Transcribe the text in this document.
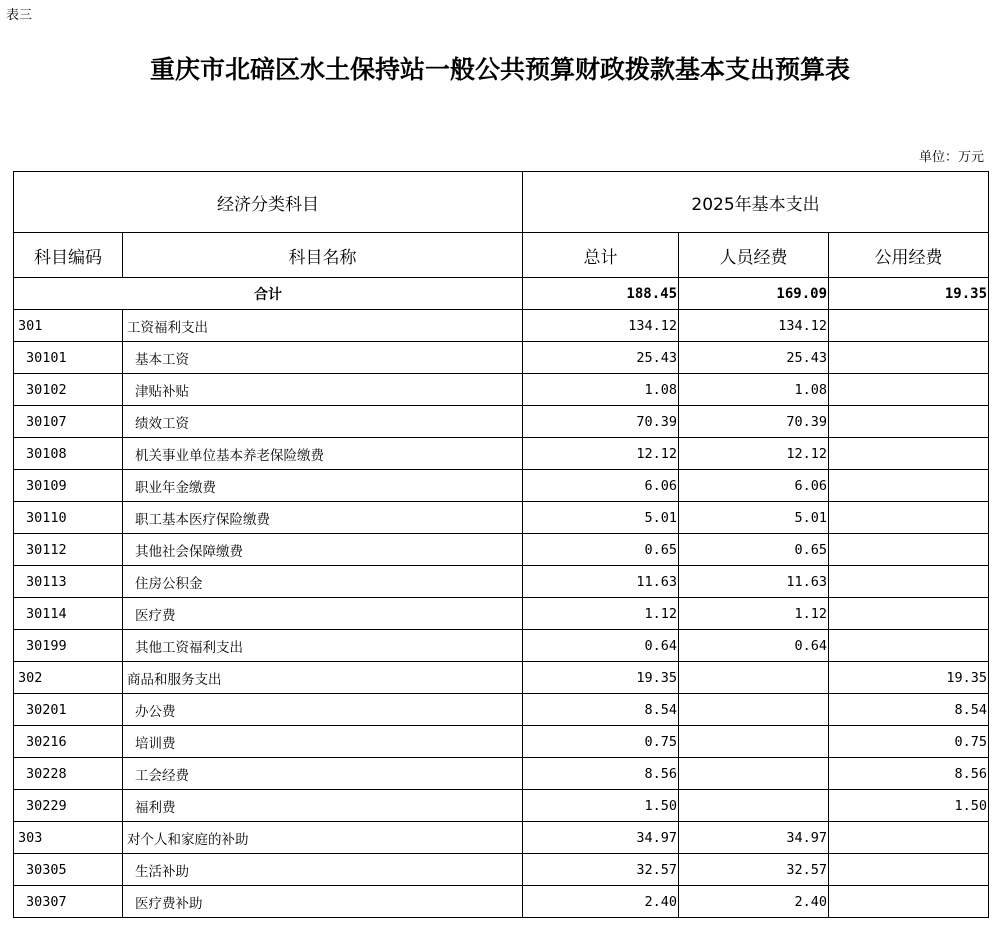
表三
重庆市北碚区水土保持站一般公共预算财政拨款基本支出预算表
单位：万元
经济分类科目		2025年基本支出		
科目编码	科目名称	总计	人员经费	公用经费
合计		188.45	169.09	19.35
301	工资福利支出	134.12	134.12	
30101	基本工资	25.43	25.43	
30102	津贴补贴	1.08	1.08	
30107	绩效工资	70.39	70.39	
30108	机关事业单位基本养老保险缴费	12.12	12.12	
30109	职业年金缴费	6.06	6.06	
30110	职工基本医疗保险缴费	5.01	5.01	
30112	其他社会保障缴费	0.65	0.65	
30113	住房公积金	11.63	11.63	
30114	医疗费	1.12	1.12	
30199	其他工资福利支出	0.64	0.64	
302	商品和服务支出	19.35		19.35
30201	办公费	8.54		8.54
30216	培训费	0.75		0.75
30228	工会经费	8.56		8.56
30229	福利费	1.50		1.50
303	对个人和家庭的补助	34.97	34.97	
30305	生活补助	32.57	32.57	
30307	医疗费补助	2.40	2.40	
